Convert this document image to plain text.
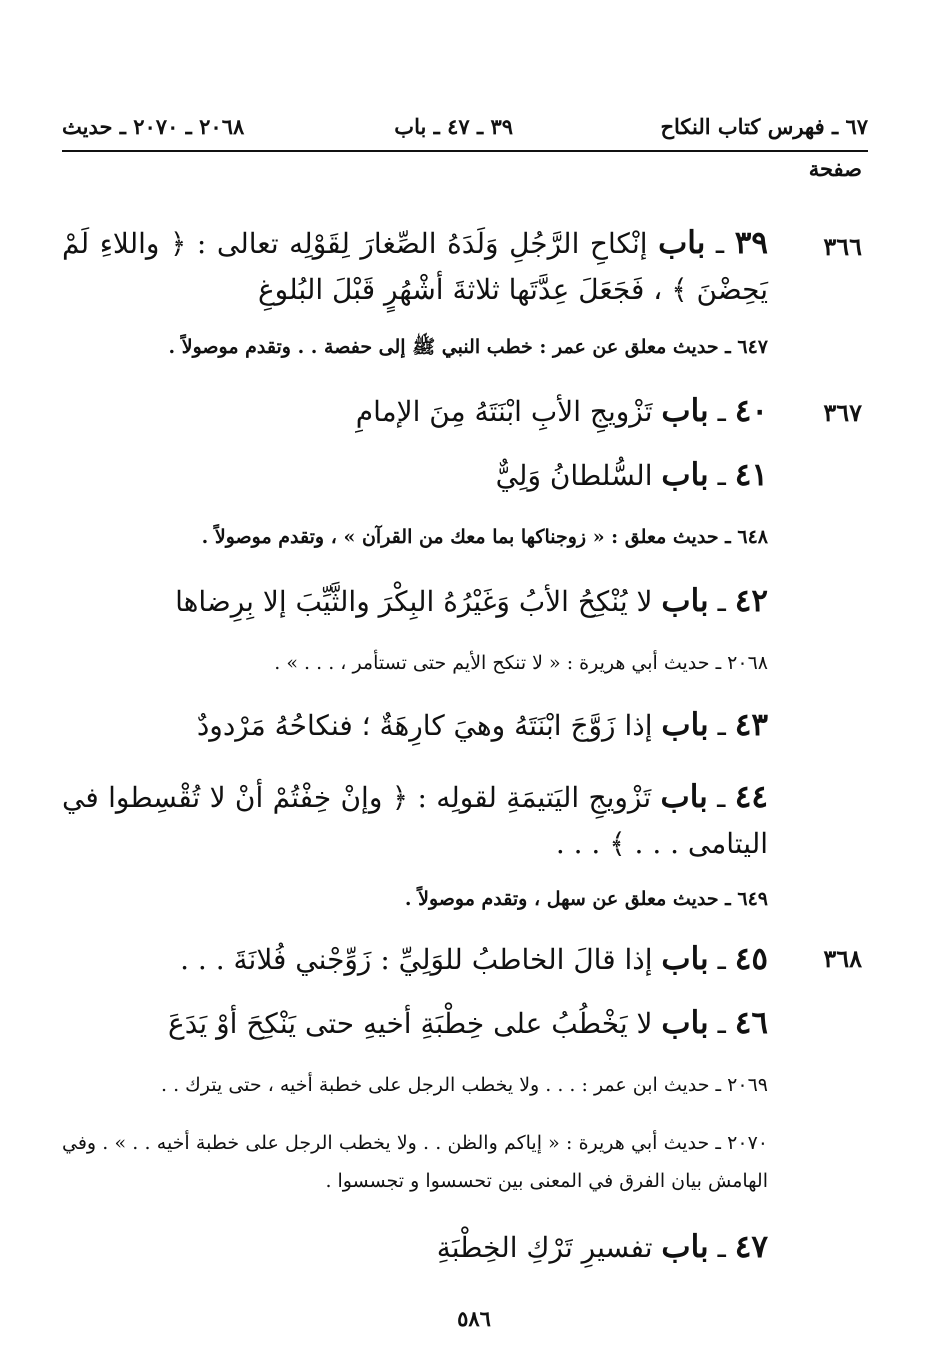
٦٧ ـ فهرس كتاب النكاح
٣٩ ـ ٤٧ ـ باب
٢٠٦٨ ـ ٢٠٧٠ ـ حديث
صفحة
٣٦٦
٣٦٧
٣٦٨
٣٩ ـ باب إنْكاحِ الرَّجُلِ وَلَدَهُ الصِّغارَ لِقَوْلِه تعالى : ﴿ واللاءِ لَمْ يَحِضْنَ ﴾ ، فَجَعَلَ عِدَّتَها ثلاثةَ أشْهُرٍ قَبْلَ البُلوغِ
٦٤٧ ـ حديث معلق عن عمر : خطب النبي ﷺ إلى حفصة . . وتقدم موصولاً .
٤٠ ـ باب تَزْويجِ الأبِ ابْنَتَهُ مِنَ الإمامِ
٤١ ـ باب السُّلطانُ وَلِيٌّ
٦٤٨ ـ حديث معلق : « زوجناكها بما معك من القرآن » ، وتقدم موصولاً .
٤٢ ـ باب لا يُنْكِحُ الأبُ وَغَيْرُهُ البِكْرَ والثَّيِّبَ إلا بِرِضاها
٢٠٦٨ ـ حديث أبي هريرة : « لا تنكح الأيم حتى تستأمر ، . . . » .
٤٣ ـ باب إذا زَوَّجَ ابْنَتَهُ وهيَ كارِهَةٌ ؛ فنكاحُهُ مَرْدودٌ
٤٤ ـ باب تَزْويجِ اليَتيمَةِ لقولِه : ﴿ وإنْ خِفْتُمْ أنْ لا تُقْسِطوا في اليتامى . . . ﴾ . . .
٦٤٩ ـ حديث معلق عن سهل ، وتقدم موصولاً .
٤٥ ـ باب إذا قالَ الخاطبُ للوَلِيِّ : زَوِّجْني فُلانَةَ . . .
٤٦ ـ باب لا يَخْطُبُ على خِطْبَةِ أخيهِ حتى يَنْكِحَ أوْ يَدَعَ
٢٠٦٩ ـ حديث ابن عمر : . . . ولا يخطب الرجل على خطبة أخيه ، حتى يترك . .
٢٠٧٠ ـ حديث أبي هريرة : « إياكم والظن . . ولا يخطب الرجل على خطبة أخيه . . » . وفي الهامش بيان الفرق في المعنى بين تحسسوا و تجسسوا .
٤٧ ـ باب تفسيرِ تَرْكِ الخِطْبَةِ
٥٨٦
